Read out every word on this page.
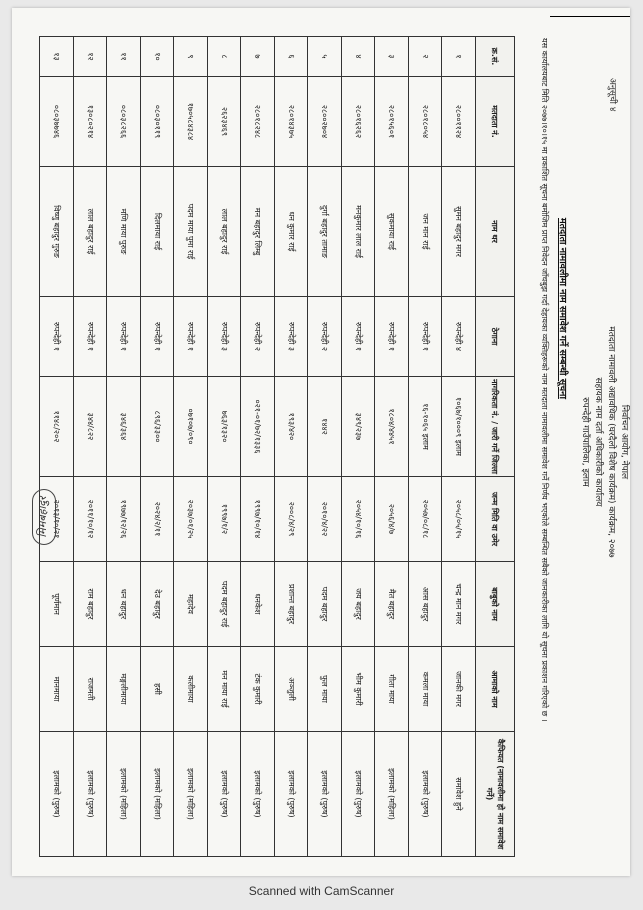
निर्वाचन आयोग, नेपाल
मतदाता नामावली अद्यावधिक (घरदैलो विशेष कार्यक्रम) कार्यक्रम, २०७७
सहायक नाम दर्ता अधिकारीको कार्यालय
रुपन्देही गाउँपालिका, इलाम
अनुसूची ४
मतदाता नामावलीमा नाम समावेश गर्ने सम्बन्धी सूचना
यस कार्यालयबाट मिति २०७७।१०।१५ मा प्रकाशित सूचना बमोजिम प्राप्त निवेदन जाँचबुझ गर्दा देहायका व्यक्तिहरूको नाम मतदाता नामावलीमा समावेश गर्ने निर्णय भएकोले सम्बन्धित सबैको जानकारीका लागि यो सूचना प्रकाशन गरिएको छ ।
क्र.सं.	मतदाता नं.	नाम थर	ठेगाना	नागरिकता नं. / जारी गर्ने जिल्ला	जन्म मिति वा उमेर	बाबुको नाम	आमाको नाम	कैफियत (नामावलीमा हो नाम समावेश गर्ने)
१	२८००११२४	सुमन बहादुर मगर	रुपन्देही ४	१०६७/१०००९ इलाम	२०५८/०५/१५	चन्द्र मान मगर	जानकी मगर	समावेश हुने
२	२८०१८०५४	जन मान राई	रुपन्देही १	१६-१०६५ इलाम	२०५७/०८/१८	आस बहादुर	कमला माया	इलामको (पुरुष)
३	२८०१५६०१	सुकमाया राई	रुपन्देही १	१८०४/४४५१	२०५६/४/७	मैत बहादुर	गीता माया	इलामको (महिला)
४	२८०१६२६२	मनकुमार लाल राई	रुपन्देही १	३४९/२३७	२०५४/१०/१६	जय बहादुर	भीम कुमारी	इलामको (पुरुष)
५	२८००२७०४	दुर्गा बहादुर तामाङ	रुपन्देही २	१४४२	२०१०/४/२२	पदम बहादुर	फुल माया	इलामको (पुरुष)
६	२८०१४३७५	धन कुमार राई	रुपन्देही ३	१९३/४२०	२००८/४/२९	प्रशान्त बहादुर	अञ्जुली	इलामको (पुरुष)
७	२८०१८२४८	मन बहादुर लिम्बु	रुपन्देही २	०२१-०१/७२/१३३६	१९९७/१०/१४	धनकेश	टंक कुमारी	इलामको (पुरुष)
८	२६२३४६९	लाल बहादुर राई	रुपन्देही ३	७६३/१३२०	१९९७/१/२	पदम बहादुर राई	मन माया राई	इलामको (पुरुष)
९	१७०५८४३८४	पदम माया पुमा राई	रुपन्देही १	०७१०७/०९०	२०३७/०१/२५	महादेव	कलीमाया	इलामको (महिला)
१०	०८०३०११९	दिलमाया राई	रुपन्देही १	८९६/३३००	२०२४/२/११	देउ बहादुर	हसी	इलामको (महिला)
११	०८०३८२६६	मणि माया पुरुङ	रुपन्देही १	३४६/३६४	१९७७/१२/२६	धन बहादुर	मङ्गलीमाया	इलामको (महिला)
१२	१३०८०२१४	लाल बहादुर राई	रुपन्देही १	३४४/८२२	२०११/१०/१२	राम बहादुर	राजमती	इलामको (पुरुष)
१३	०८०३७७४६	विष्णु बहादुर गुरुङ	रुपन्देही १	११४८/२०२	२०१३/१०/२१	पूर्णमान	मानमाया	इलामको (पुरुष)
मिमबहादुर
Scanned with CamScanner
